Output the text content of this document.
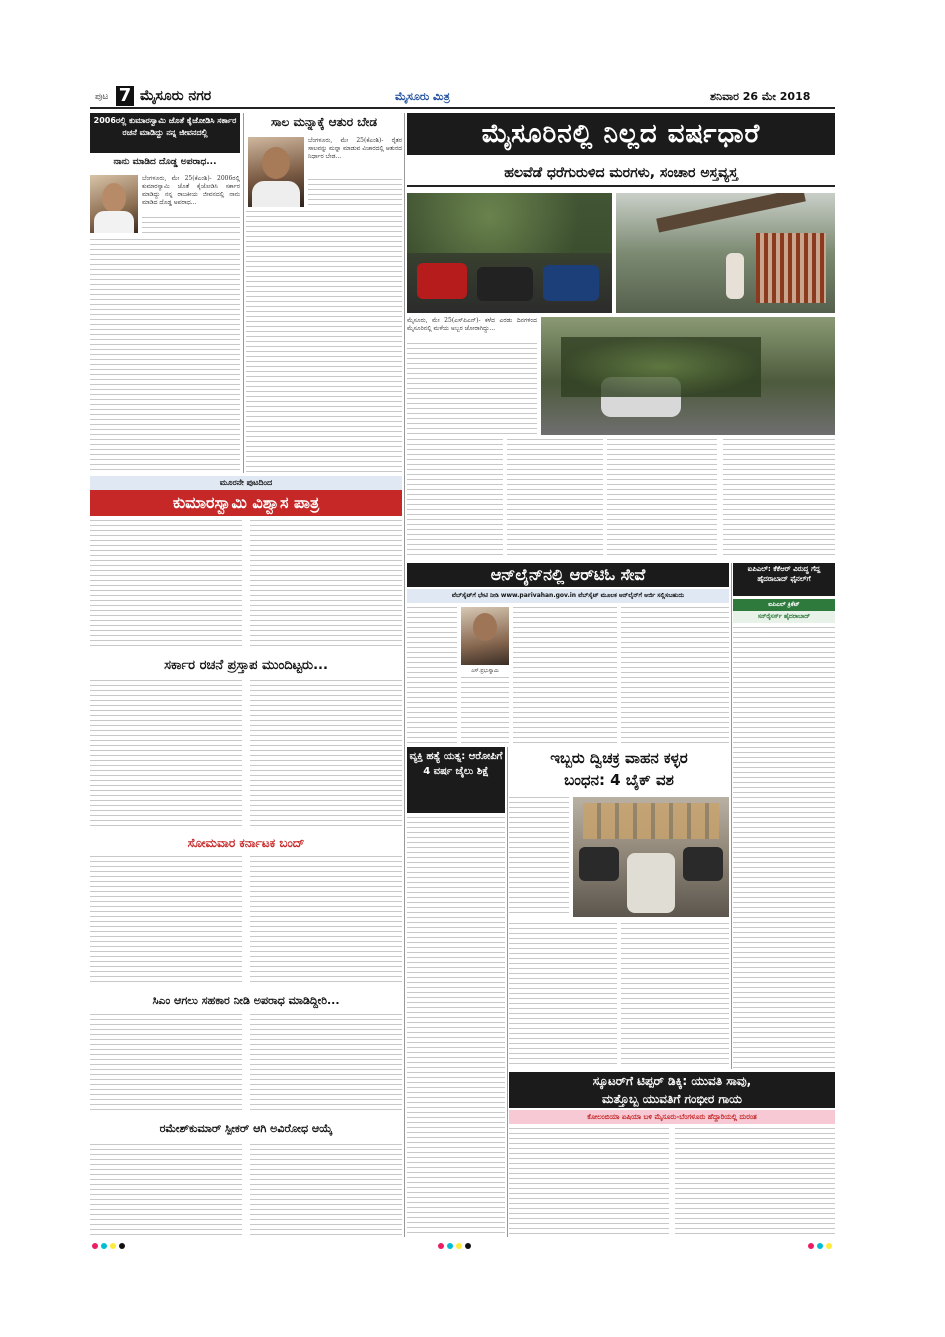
ಪುಟ 7 ಮೈಸೂರು ನಗರ	ಮೈಸೂರು ಮಿತ್ರ	ಶನಿವಾರ 26 ಮೇ 2018
2006ರಲ್ಲಿ ಕುಮಾರಸ್ವಾಮಿ ಜೊತೆ ಕೈಜೋಡಿಸಿ ಸರ್ಕಾರ ರಚನೆ ಮಾಡಿದ್ದು ನನ್ನ ಜೀವನದಲ್ಲಿ
ನಾನು ಮಾಡಿದ ದೊಡ್ಡ ಅಪರಾಧ...
ಬೆಂಗಳೂರು, ಮೇ 25(ಕೆಎಂಶಿ)- 2006ರಲ್ಲಿ ಕುಮಾರಸ್ವಾಮಿ ಜೊತೆ ಕೈಜೋಡಿಸಿ ಸರ್ಕಾರ ಮಾಡಿದ್ದು ನನ್ನ ರಾಜಕೀಯ ಜೀವನದಲ್ಲಿ ನಾನು ಮಾಡಿದ ದೊಡ್ಡ ಅಪರಾಧ...
ಸಾಲ ಮನ್ನಾಕ್ಕೆ ಆತುರ ಬೇಡ
ಬೆಂಗಳೂರು, ಮೇ 25(ಕೆಎಂಶಿ)- ರೈತರ ಸಾಲವನ್ನು ಮನ್ನಾ ಮಾಡುವ ವಿಚಾರದಲ್ಲಿ ಆತುರದ ನಿರ್ಧಾರ ಬೇಡ...
ಮೈಸೂರಿನಲ್ಲಿ ನಿಲ್ಲದ ವರ್ಷಧಾರೆ
ಹಲವೆಡೆ ಧರೆಗುರುಳಿದ ಮರಗಳು, ಸಂಚಾರ ಅಸ್ತವ್ಯಸ್ತ
ಮೈಸೂರು, ಮೇ 25(ಎಸ್‌ಪಿಎನ್)- ಕಳೆದ ಎರಡು ದಿನಗಳಿಂದ ಮೈಸೂರಿನಲ್ಲಿ ಮಳೆಯ ಅಬ್ಬರ ಜೋರಾಗಿದ್ದು...
ಮೂರನೇ ಪುಟದಿಂದ
ಕುಮಾರಸ್ವಾಮಿ ವಿಶ್ವಾಸ ಪಾತ್ರ
ಸರ್ಕಾರ ರಚನೆ ಪ್ರಸ್ತಾಪ ಮುಂದಿಟ್ಟರು...
ಸೋಮವಾರ ಕರ್ನಾಟಕ ಬಂದ್
ಸಿಎಂ ಆಗಲು ಸಹಕಾರ ನೀಡಿ ಅಪರಾಧ ಮಾಡಿದ್ದೀರಿ...
ರಮೇಶ್‌ಕುಮಾರ್ ಸ್ಪೀಕರ್ ಆಗಿ ಅವಿರೋಧ ಆಯ್ಕೆ
ಆನ್‌ಲೈನ್‌ನಲ್ಲಿ ಆರ್‌ಟಿಓ ಸೇವೆ
ವೆಬ್‌ಸೈಟ್‌ಗೆ ಭೇಟಿ ನೀಡಿ www.parivahan.gov.in ವೆಬ್‌ಸೈಟ್ ಮೂಲಕ ಆನ್‌ಲೈನ್‌ಗೆ ಅರ್ಜಿ ಸಲ್ಲಿಸಬಹುದು
ಎಸ್.ಪ್ರಭುಸ್ವಾಮಿ
ಐಪಿಎಲ್: ಕೆಕೆಆರ್ ವಿರುದ್ಧ ಗೆದ್ದ ಹೈದರಾಬಾದ್ ಫೈನಲ್‌ಗೆ
ಐಪಿಎಲ್ ಕ್ರಿಕೆಟ್
ಸನ್‌ರೈಸರ್ಸ್ ಹೈದರಾಬಾದ್
ವ್ಯಕ್ತಿ ಹತ್ಯೆ ಯತ್ನ: ಆರೋಪಿಗೆ 4 ವರ್ಷ ಜೈಲು ಶಿಕ್ಷೆ
ಇಬ್ಬರು ದ್ವಿಚಕ್ರ ವಾಹನ ಕಳ್ಳರ
ಬಂಧನ: 4 ಬೈಕ್ ವಶ
ಸ್ಕೂಟರ್‌ಗೆ ಟಿಪ್ಪರ್ ಡಿಕ್ಕಿ: ಯುವತಿ ಸಾವು,
ಮತ್ತೊಬ್ಬ ಯುವತಿಗೆ ಗಂಭೀರ ಗಾಯ
ಕೋಲಂಬಿಯಾ ಏಷಿಯಾ ಬಳಿ ಮೈಸೂರು-ಬೆಂಗಳೂರು ಹೆದ್ದಾರಿಯಲ್ಲಿ ದುರಂತ
